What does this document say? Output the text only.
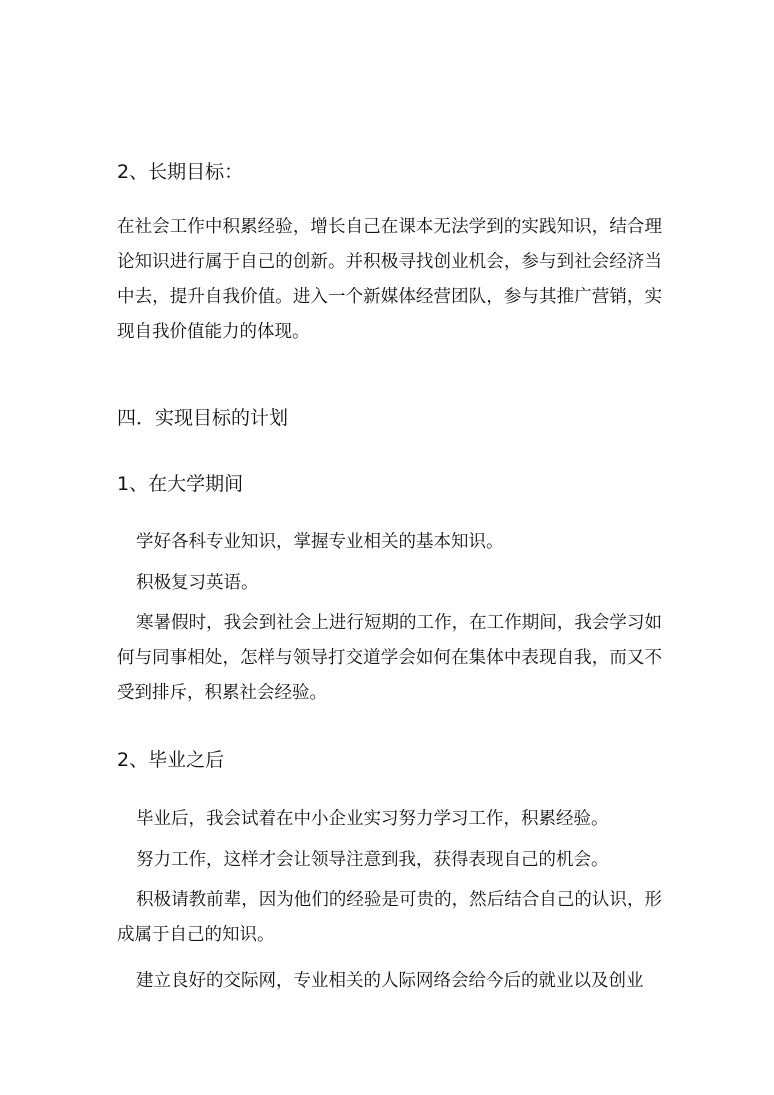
2、长期目标：

在社会工作中积累经验，增长自己在课本无法学到的实践知识，结合理论知识进行属于自己的创新。并积极寻找创业机会，参与到社会经济当中去，提升自我价值。进入一个新媒体经营团队，参与其推广营销，实现自我价值能力的体现。

四．实现目标的计划
1、在大学期间

学好各科专业知识，掌握专业相关的基本知识。

积极复习英语。

寒暑假时，我会到社会上进行短期的工作，在工作期间，我会学习如何与同事相处，怎样与领导打交道学会如何在集体中表现自我，而又不受到排斥，积累社会经验。

2、毕业之后

毕业后，我会试着在中小企业实习努力学习工作，积累经验。

努力工作，这样才会让领导注意到我，获得表现自己的机会。

积极请教前辈，因为他们的经验是可贵的，然后结合自己的认识，形成属于自己的知识。

建立良好的交际网，专业相关的人际网络会给今后的就业以及创业
